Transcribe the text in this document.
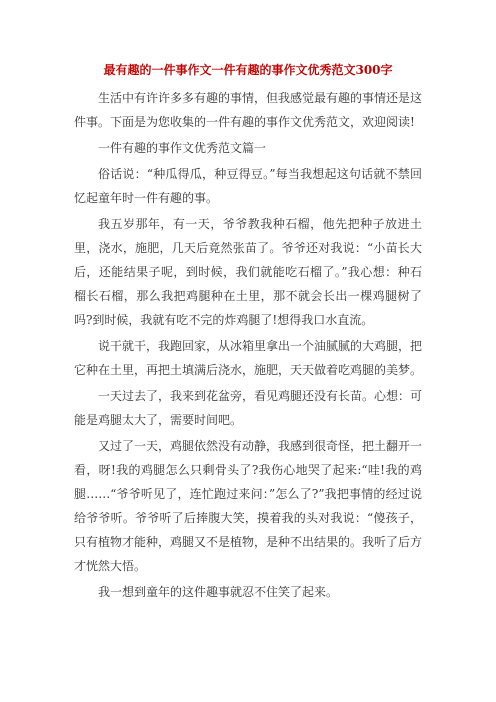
最有趣的一件事作文一件有趣的事作文优秀范文300字

生活中有许许多多有趣的事情，但我感觉最有趣的事情还是这件事。下面是为您收集的一件有趣的事作文优秀范文，欢迎阅读!

一件有趣的事作文优秀范文篇一

俗话说：“种瓜得瓜，种豆得豆。”每当我想起这句话就不禁回忆起童年时一件有趣的事。

我五岁那年，有一天，爷爷教我种石榴，他先把种子放进土里，浇水，施肥，几天后竟然张苗了。爷爷还对我说：“小苗长大后，还能结果子呢，到时候，我们就能吃石榴了。”我心想：种石榴长石榴，那么我把鸡腿种在土里，那不就会长出一棵鸡腿树了吗?到时候，我就有吃不完的炸鸡腿了!想得我口水直流。

说干就干，我跑回家，从冰箱里拿出一个油腻腻的大鸡腿，把它种在土里，再把土填满后浇水，施肥，天天做着吃鸡腿的美梦。

一天过去了，我来到花盆旁，看见鸡腿还没有长苗。心想：可能是鸡腿太大了，需要时间吧。

又过了一天，鸡腿依然没有动静，我感到很奇怪，把土翻开一看，呀!我的鸡腿怎么只剩骨头了?我伤心地哭了起来:“哇!我的鸡腿……“爷爷听见了，连忙跑过来问：”怎么了?”我把事情的经过说给爷爷听。爷爷听了后捧腹大笑，摸着我的头对我说：“傻孩子，只有植物才能种，鸡腿又不是植物，是种不出结果的。我听了后方才恍然大悟。

我一想到童年的这件趣事就忍不住笑了起来。
